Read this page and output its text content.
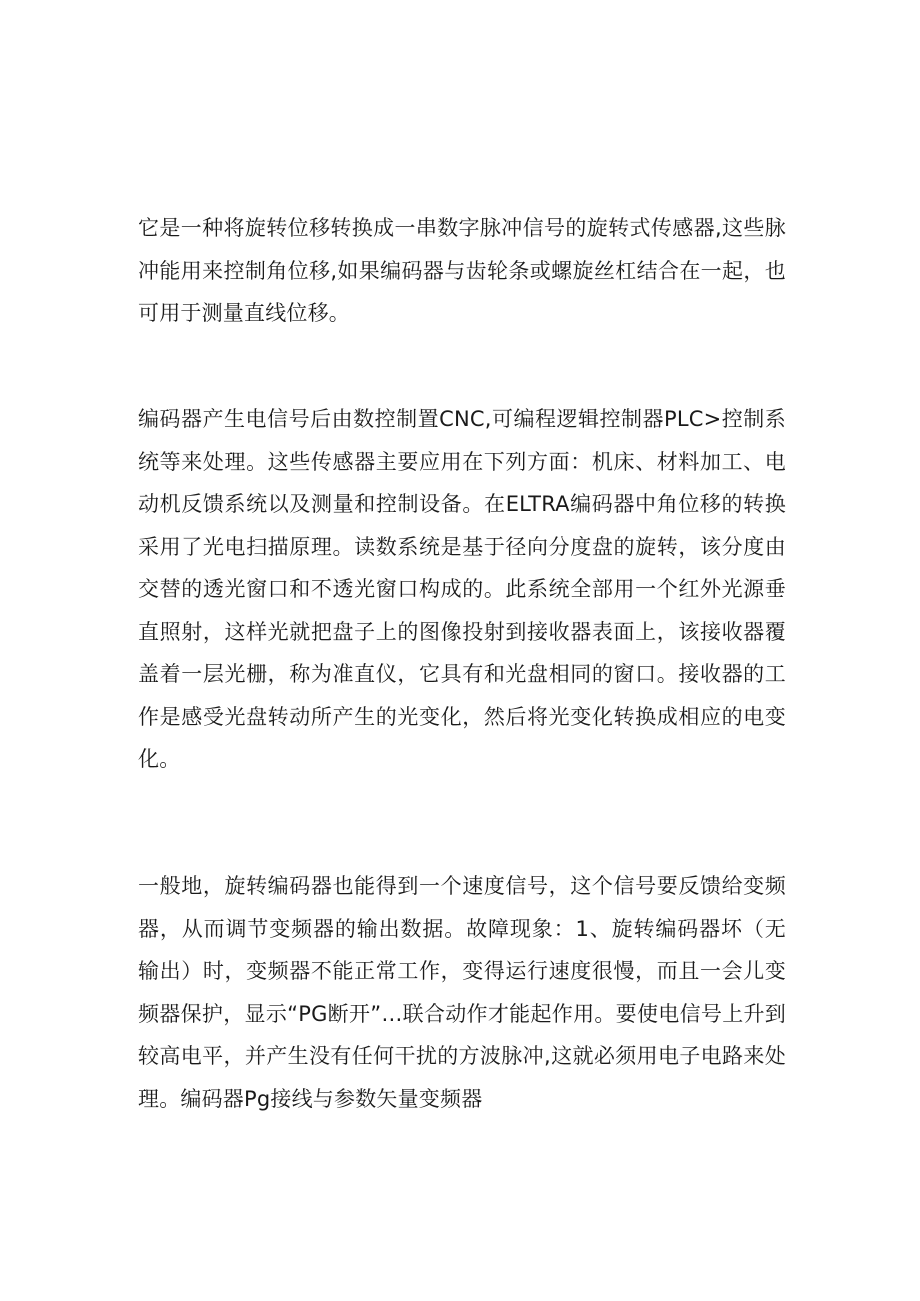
它是一种将旋转位移转换成一串数字脉冲信号的旋转式传感器,这些脉冲能用来控制角位移,如果编码器与齿轮条或螺旋丝杠结合在一起，也可用于测量直线位移。

编码器产生电信号后由数控制置CNC,可编程逻辑控制器PLC>控制系统等来处理。这些传感器主要应用在下列方面：机床、材料加工、电动机反馈系统以及测量和控制设备。在ELTRA编码器中角位移的转换采用了光电扫描原理。读数系统是基于径向分度盘的旋转，该分度由交替的透光窗口和不透光窗口构成的。此系统全部用一个红外光源垂直照射，这样光就把盘子上的图像投射到接收器表面上，该接收器覆盖着一层光栅，称为准直仪，它具有和光盘相同的窗口。接收器的工作是感受光盘转动所产生的光变化，然后将光变化转换成相应的电变化。

一般地，旋转编码器也能得到一个速度信号，这个信号要反馈给变频器，从而调节变频器的输出数据。故障现象：1、旋转编码器坏（无输出）时，变频器不能正常工作，变得运行速度很慢，而且一会儿变频器保护，显示“PG断开”…联合动作才能起作用。要使电信号上升到较高电平，并产生没有任何干扰的方波脉冲,这就必须用电子电路来处理。编码器Pg接线与参数矢量变频器
